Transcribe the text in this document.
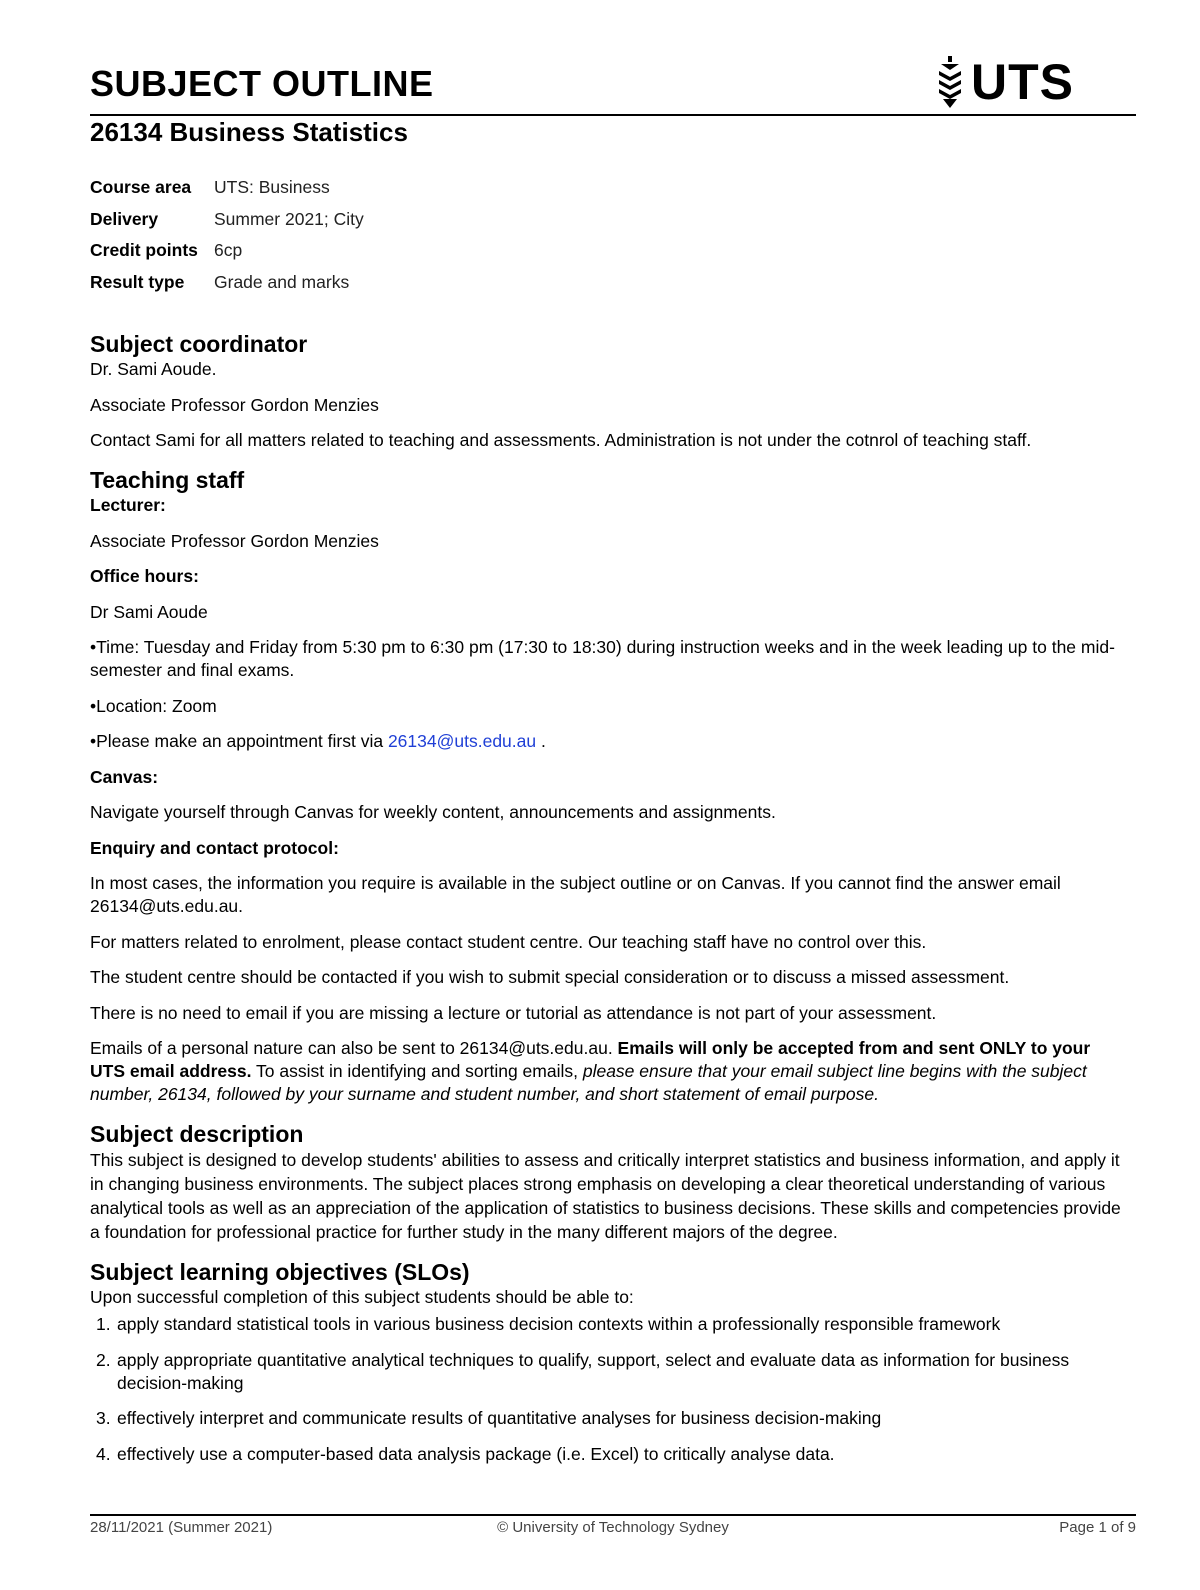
SUBJECT OUTLINE	UTS
26134 Business Statistics
Course area	UTS: Business
Delivery	Summer 2021; City
Credit points 6cp
Result type	Grade and marks
Subject coordinator

Dr. Sami Aoude.

Associate Professor Gordon Menzies

Contact Sami for all matters related to teaching and assessments. Administration is not under the cotnrol of teaching staff.

Teaching staff

Lecturer:

Associate Professor Gordon Menzies

Office hours:

Dr Sami Aoude

•Time: Tuesday and Friday from 5:30 pm to 6:30 pm (17:30 to 18:30) during instruction weeks and in the week leading up to the mid-semester and final exams.

•Location: Zoom

•Please make an appointment first via 26134@uts.edu.au .

Canvas:

Navigate yourself through Canvas for weekly content, announcements and assignments.

Enquiry and contact protocol:

In most cases, the information you require is available in the subject outline or on Canvas. If you cannot find the answer email 26134@uts.edu.au.

For matters related to enrolment, please contact student centre. Our teaching staff have no control over this.

The student centre should be contacted if you wish to submit special consideration or to discuss a missed assessment.

There is no need to email if you are missing a lecture or tutorial as attendance is not part of your assessment.

Emails of a personal nature can also be sent to 26134@uts.edu.au. Emails will only be accepted from and sent ONLY to your UTS email address. To assist in identifying and sorting emails, please ensure that your email subject line begins with the subject number, 26134, followed by your surname and student number, and short statement of email purpose.

Subject description

This subject is designed to develop students' abilities to assess and critically interpret statistics and business information, and apply it in changing business environments. The subject places strong emphasis on developing a clear theoretical understanding of various analytical tools as well as an appreciation of the application of statistics to business decisions. These skills and competencies provide a foundation for professional practice for further study in the many different majors of the degree.

Subject learning objectives (SLOs)

Upon successful completion of this subject students should be able to:

1. apply standard statistical tools in various business decision contexts within a professionally responsible framework
2. apply appropriate quantitative analytical techniques to qualify, support, select and evaluate data as information for business decision-making
3. effectively interpret and communicate results of quantitative analyses for business decision-making
4. effectively use a computer-based data analysis package (i.e. Excel) to critically analyse data.
28/11/2021 (Summer 2021)	© University of Technology Sydney	Page 1 of 9
